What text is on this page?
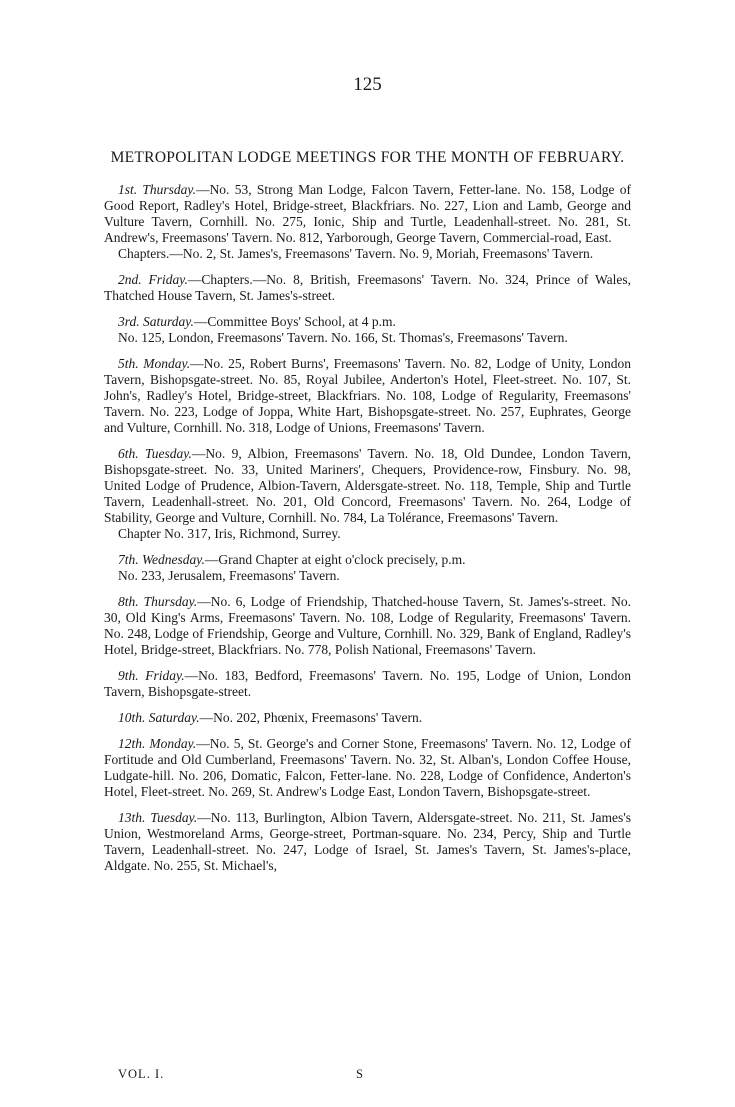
125
METROPOLITAN LODGE MEETINGS FOR THE MONTH OF FEBRUARY.

1st. Thursday.—No. 53, Strong Man Lodge, Falcon Tavern, Fetter-lane. No. 158, Lodge of Good Report, Radley's Hotel, Bridge-street, Blackfriars. No. 227, Lion and Lamb, George and Vulture Tavern, Cornhill. No. 275, Ionic, Ship and Turtle, Leadenhall-street. No. 281, St. Andrew's, Freemasons' Tavern. No. 812, Yarborough, George Tavern, Commercial-road, East.
Chapters.—No. 2, St. James's, Freemasons' Tavern. No. 9, Moriah, Freemasons' Tavern.

2nd. Friday.—Chapters.—No. 8, British, Freemasons' Tavern. No. 324, Prince of Wales, Thatched House Tavern, St. James's-street.

3rd. Saturday.—Committee Boys' School, at 4 p.m.
No. 125, London, Freemasons' Tavern. No. 166, St. Thomas's, Freemasons' Tavern.

5th. Monday.—No. 25, Robert Burns', Freemasons' Tavern. No. 82, Lodge of Unity, London Tavern, Bishopsgate-street. No. 85, Royal Jubilee, Anderton's Hotel, Fleet-street. No. 107, St. John's, Radley's Hotel, Bridge-street, Blackfriars. No. 108, Lodge of Regularity, Freemasons' Tavern. No. 223, Lodge of Joppa, White Hart, Bishopsgate-street. No. 257, Euphrates, George and Vulture, Cornhill. No. 318, Lodge of Unions, Freemasons' Tavern.

6th. Tuesday.—No. 9, Albion, Freemasons' Tavern. No. 18, Old Dundee, London Tavern, Bishopsgate-street. No. 33, United Mariners', Chequers, Providence-row, Finsbury. No. 98, United Lodge of Prudence, Albion-Tavern, Aldersgate-street. No. 118, Temple, Ship and Turtle Tavern, Leadenhall-street. No. 201, Old Concord, Freemasons' Tavern. No. 264, Lodge of Stability, George and Vulture, Cornhill. No. 784, La Tolérance, Freemasons' Tavern.
Chapter No. 317, Iris, Richmond, Surrey.

7th. Wednesday.—Grand Chapter at eight o'clock precisely, p.m.
No. 233, Jerusalem, Freemasons' Tavern.

8th. Thursday.—No. 6, Lodge of Friendship, Thatched-house Tavern, St. James's-street. No. 30, Old King's Arms, Freemasons' Tavern. No. 108, Lodge of Regularity, Freemasons' Tavern. No. 248, Lodge of Friendship, George and Vulture, Cornhill. No. 329, Bank of England, Radley's Hotel, Bridge-street, Blackfriars. No. 778, Polish National, Freemasons' Tavern.

9th. Friday.—No. 183, Bedford, Freemasons' Tavern. No. 195, Lodge of Union, London Tavern, Bishopsgate-street.

10th. Saturday.—No. 202, Phœnix, Freemasons' Tavern.

12th. Monday.—No. 5, St. George's and Corner Stone, Freemasons' Tavern. No. 12, Lodge of Fortitude and Old Cumberland, Freemasons' Tavern. No. 32, St. Alban's, London Coffee House, Ludgate-hill. No. 206, Domatic, Falcon, Fetter-lane. No. 228, Lodge of Confidence, Anderton's Hotel, Fleet-street. No. 269, St. Andrew's Lodge East, London Tavern, Bishopsgate-street.

13th. Tuesday.—No. 113, Burlington, Albion Tavern, Aldersgate-street. No. 211, St. James's Union, Westmoreland Arms, George-street, Portman-square. No. 234, Percy, Ship and Turtle Tavern, Leadenhall-street. No. 247, Lodge of Israel, St. James's Tavern, St. James's-place, Aldgate. No. 255, St. Michael's,

VOL. I.	S
